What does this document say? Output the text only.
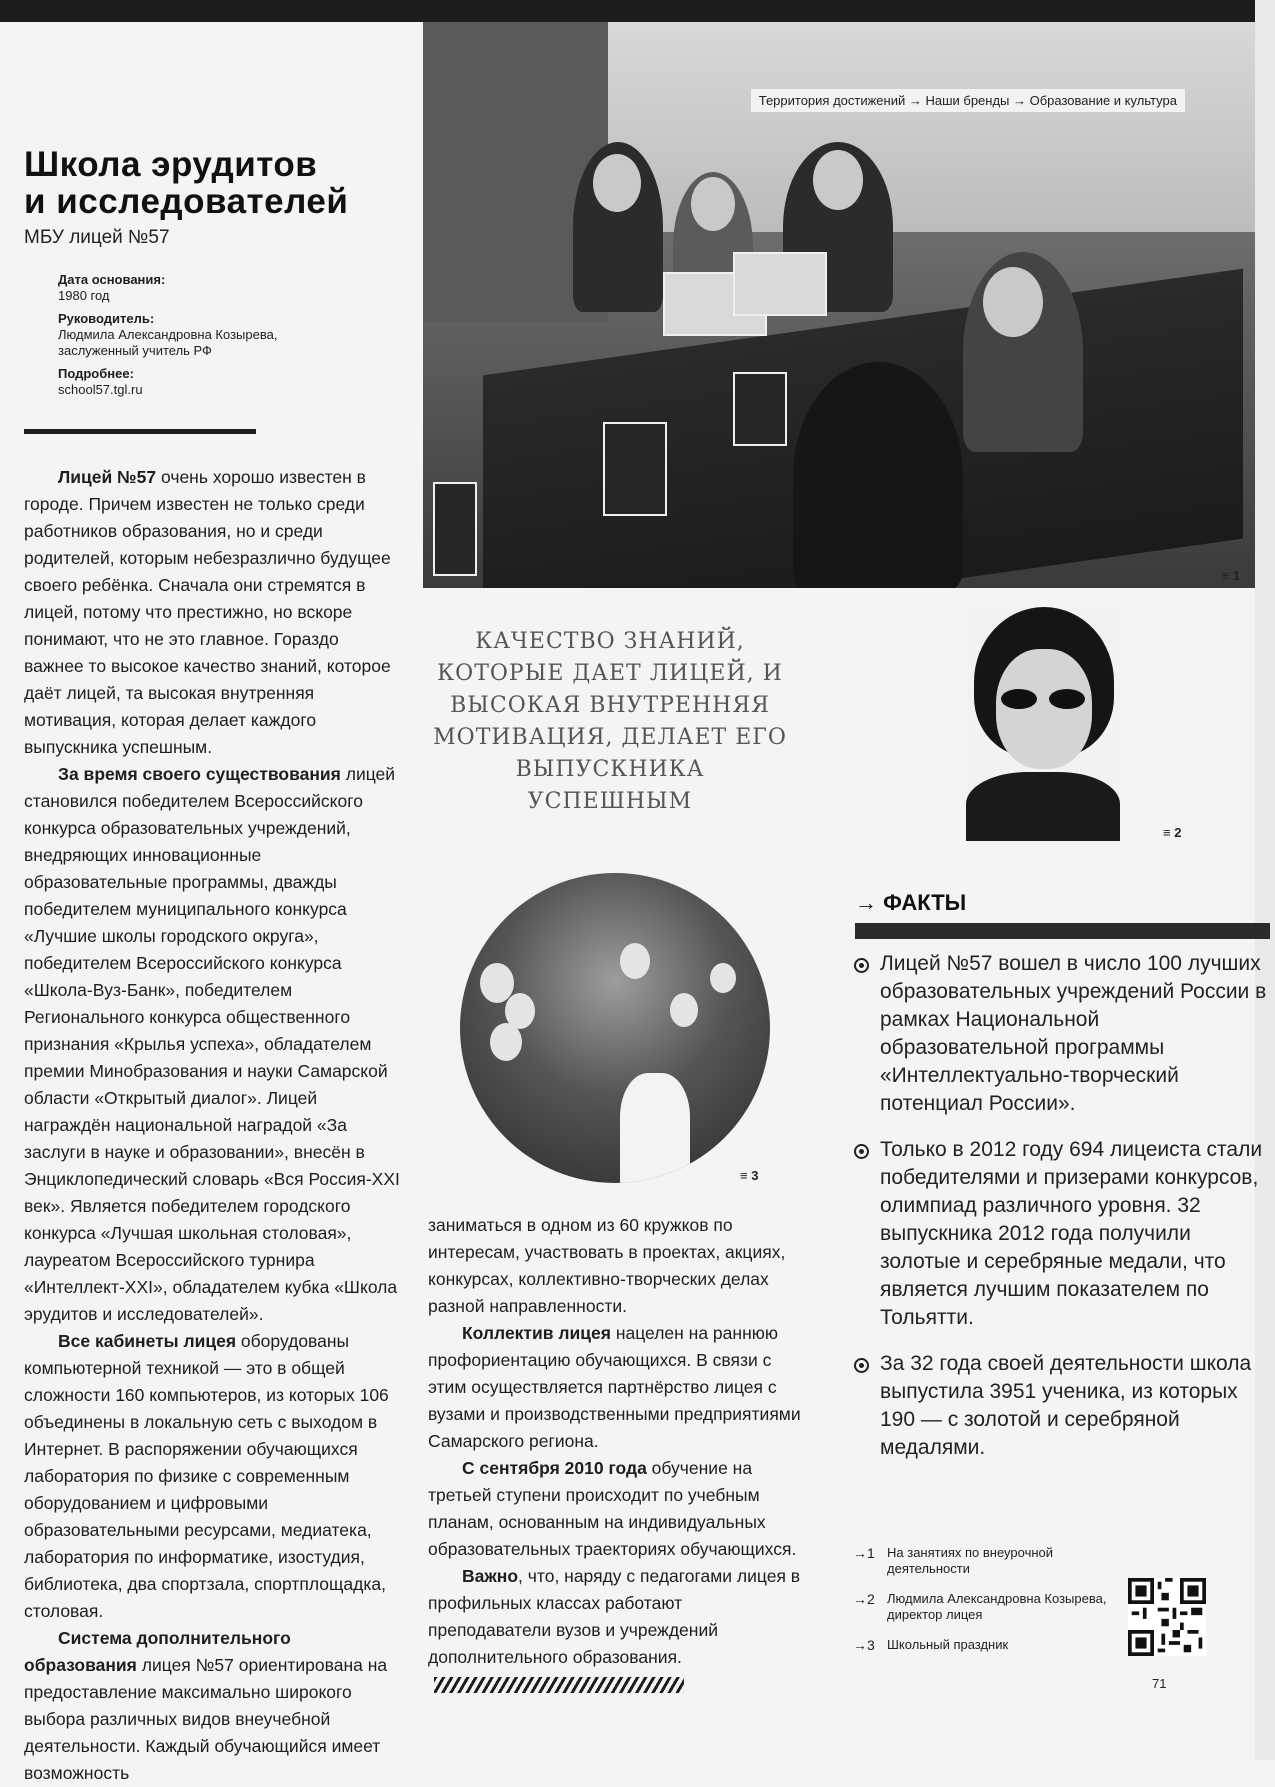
Школа эрудитов
и исследователей
МБУ лицей №57
Дата основания:
1980 год
Руководитель:
Людмила Александровна Козырева, заслуженный учитель РФ
Подробнее:
school57.tgl.ru
Территория достижений → Наши бренды → Образование и культура
≡ 1
КАЧЕСТВО ЗНАНИЙ, КОТОРЫЕ ДАЕТ ЛИЦЕЙ, И ВЫСОКАЯ ВНУТРЕННЯЯ МОТИВАЦИЯ, ДЕЛАЕТ ЕГО ВЫПУСКНИКА УСПЕШНЫМ
≡ 2
≡ 3

Лицей №57 очень хорошо известен в городе. Причем известен не только среди работников образования, но и среди родителей, которым небезразлично будущее своего ребёнка. Сначала они стремятся в лицей, потому что престижно, но вскоре понимают, что не это главное. Гораздо важнее то высокое качество знаний, которое даёт лицей, та высокая внутренняя мотивация, которая делает каждого выпускника успешным.

За время своего существования лицей становился победителем Всероссийского конкурса образовательных учреждений, внедряющих инновационные образовательные программы, дважды победителем муниципального конкурса «Лучшие школы городского округа», победителем Всероссийского конкурса «Школа-Вуз-Банк», победителем Регионального конкурса общественного признания «Крылья успеха», обладателем премии Минобразования и науки Самарской области «Открытый диалог». Лицей награждён национальной наградой «За заслуги в науке и образовании», внесён в Энциклопедический словарь «Вся Россия-XXI век». Является победителем городского конкурса «Лучшая школьная столовая», лауреатом Всероссийского турнира «Интеллект-XXI», обладателем кубка «Школа эрудитов и исследователей».

Все кабинеты лицея оборудованы компьютерной техникой — это в общей сложности 160 компьютеров, из которых 106 объединены в локальную сеть с выходом в Интернет. В распоряжении обучающихся лаборатория по физике с современным оборудованием и цифровыми образовательными ресурсами, медиатека, лаборатория по информатике, изостудия, библиотека, два спортзала, спортплощадка, столовая.

Система дополнительного образования лицея №57 ориентирована на предоставление максимально широкого выбора различных видов внеучебной деятельности. Каждый обучающийся имеет возможность

заниматься в одном из 60 кружков по интересам, участвовать в проектах, акциях, конкурсах, коллективно-творческих делах разной направленности.

Коллектив лицея нацелен на раннюю профориентацию обучающихся. В связи с этим осуществляется партнёрство лицея с вузами и производственными предприятиями Самарского региона.

С сентября 2010 года обучение на третьей ступени происходит по учебным планам, основанным на индивидуальных образовательных траекториях обучающихся.

Важно, что, наряду с педагогами лицея в профильных классах работают преподаватели вузов и учреждений дополнительного образования.

→ ФАКТЫ
Лицей №57 вошел в число 100 лучших образовательных учреждений России в рамках Национальной образовательной программы «Интеллектуально-творческий потенциал России».
Только в 2012 году 694 лицеиста стали победителями и призерами конкурсов, олимпиад различного уровня. 32 выпускника 2012 года получили золотые и серебряные медали, что является лучшим показателем по Тольятти.
За 32 года своей деятельности школа выпустила 3951 ученика, из которых 190 — с золотой и серебряной медалями.
→1 На занятиях по внеурочной деятельности
→2 Людмила Александровна Козырева, директор лицея
→3 Школьный праздник
71
